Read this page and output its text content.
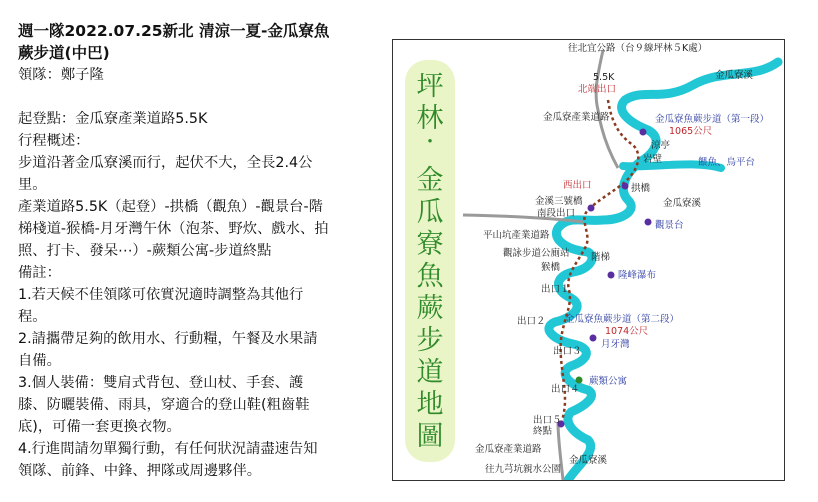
週一隊2022.07.25新北 清涼一夏-金瓜寮魚

蕨步道(中巴)

領隊：鄭子隆

起登點：金瓜寮產業道路5.5K

行程概述：

步道沿著金瓜寮溪而行，起伏不大，全長2.4公

里。

產業道路5.5K（起登）-拱橋（觀魚）-觀景台-階

梯棧道-猴橋-月牙灣午休（泡茶、野炊、戲水、拍

照、打卡、發呆⋯）-蕨類公寓-步道終點

備註：

1.若天候不佳領隊可依實況適時調整為其他行

程。

2.請攜帶足夠的飲用水、行動糧，午餐及水果請

自備。

3.個人裝備：雙肩式背包、登山杖、手套、護

膝、防曬裝備、雨具，穿適合的登山鞋(粗齒鞋

底)，可備一套更換衣物。

4.行進間請勿單獨行動，有任何狀況請盡速告知

領隊、前鋒、中鋒、押隊或周邊夥伴。

坪
林
·
金
瓜
寮
魚
蕨
步
道
地
圖
往北宜公路（台９線坪林５K處）
金瓜寮溪
5.5K
北端出口
金瓜寮產業道路	金瓜寮魚蕨步道（第一段）
1065公尺
涼亭
岩壁	餵魚、烏平台
西出口	拱橋
金溪三號橋	金瓜寮溪
南段出口
平山坑產業道路
觀景台
觀詠步道公廁站
猴橋
階梯
隆峰瀑布
出口１
出口２ 金瓜寮魚蕨步道（第二段）
1074公尺
出口３
月牙灣
蕨類公寓
出口４
出口５
終點
金瓜寮產業道路
金瓜寮溪
往九芎坑親水公園
